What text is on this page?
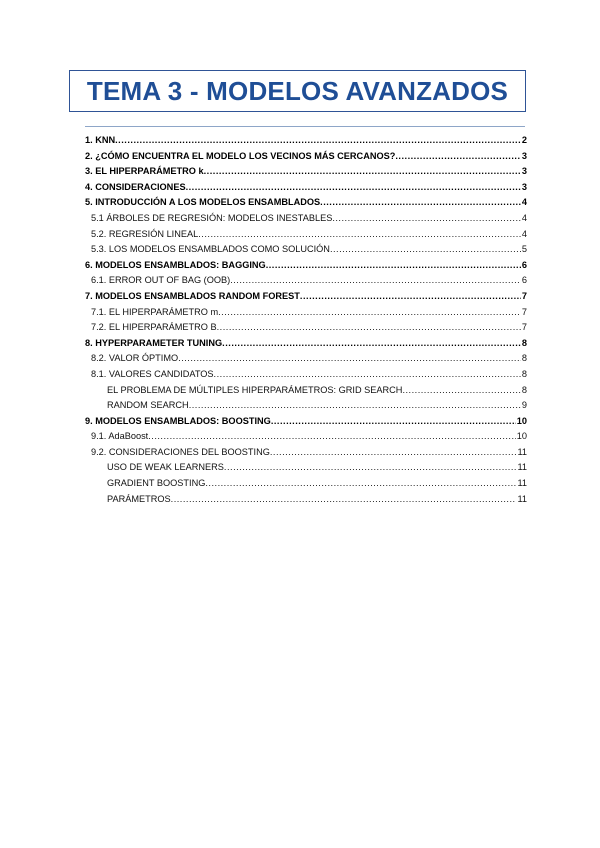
TEMA 3 - MODELOS AVANZADOS
1. KNN .....	2
2. ¿CÓMO ENCUENTRA EL MODELO LOS VECINOS MÁS CERCANOS? .....	3
3. EL HIPERPARÁMETRO k .....	3
4. CONSIDERACIONES .....	3
5. INTRODUCCIÓN A LOS MODELOS ENSAMBLADOS .....	4
5.1 ÁRBOLES DE REGRESIÓN: MODELOS INESTABLES .....	4
5.2. REGRESIÓN LINEAL .....	4
5.3. LOS MODELOS ENSAMBLADOS COMO SOLUCIÓN .....	5
6. MODELOS ENSAMBLADOS: BAGGING .....	6
6.1. ERROR OUT OF BAG (OOB) .....	6
7. MODELOS ENSAMBLADOS RANDOM FOREST .....	7
7.1. EL HIPERPARÁMETRO m .....	7
7.2. EL HIPERPARÁMETRO B .....	7
8. HYPERPARAMETER TUNING .....	8
8.2. VALOR ÓPTIMO .....	8
8.1. VALORES CANDIDATOS .....	8
EL PROBLEMA DE MÚLTIPLES HIPERPARÁMETROS: GRID SEARCH .....	8
RANDOM SEARCH .....	9
9. MODELOS ENSAMBLADOS: BOOSTING .....	10
9.1. AdaBoost .....	10
9.2. CONSIDERACIONES DEL BOOSTING .....	11
USO DE WEAK LEARNERS .....	11
GRADIENT BOOSTING .....	11
PARÁMETROS .....	11
